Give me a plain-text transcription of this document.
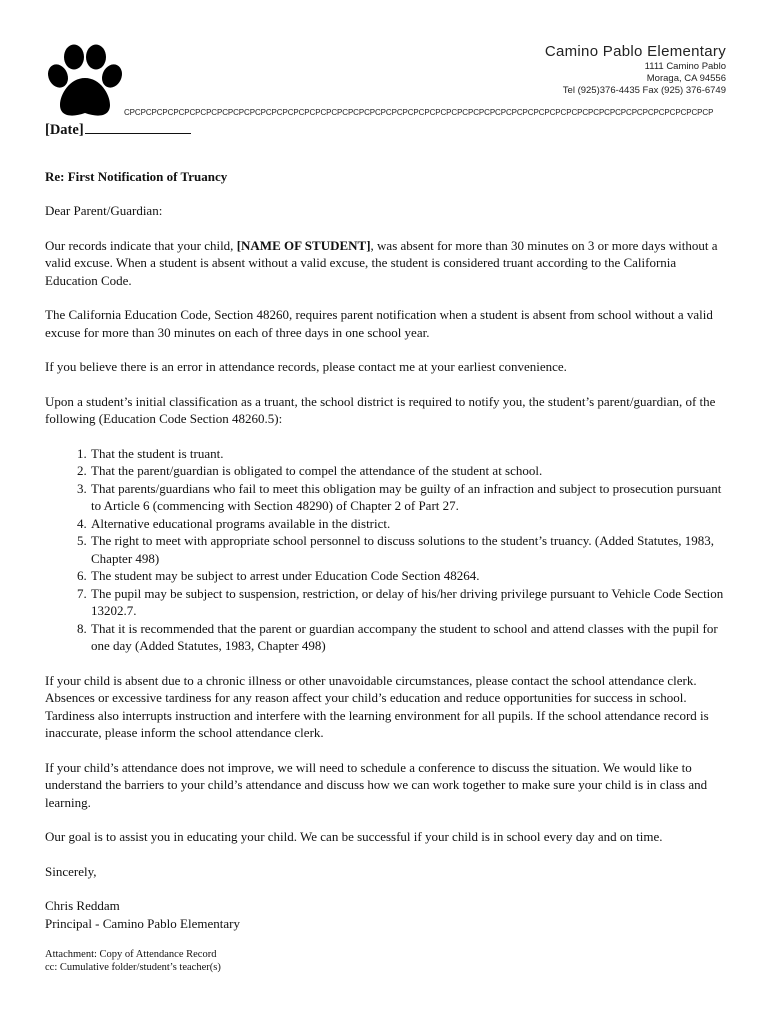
Camino Pablo Elementary
1111 Camino Pablo
Moraga, CA 94556
Tel (925)376-4435 Fax (925) 376-6749
CPCPCPCPCPCPCPCPCPCPCPCPCPCPCPCPCPCPCPCPCPCPCPCPCPCPCPCPCPCPCPCPCPCPCPCPCPCPCPCPCPCPCPCPCPCPCPCPCPCPCPCPCPCP

[Date]

Re: First Notification of Truancy

Dear Parent/Guardian:

Our records indicate that your child, [NAME OF STUDENT], was absent for more than 30 minutes on 3 or more days without a valid excuse. When a student is absent without a valid excuse, the student is considered truant according to the California Education Code.

The California Education Code, Section 48260, requires parent notification when a student is absent from school without a valid excuse for more than 30 minutes on each of three days in one school year.

If you believe there is an error in attendance records, please contact me at your earliest convenience.

Upon a student’s initial classification as a truant, the school district is required to notify you, the student’s parent/guardian, of the following (Education Code Section 48260.5):

1. That the student is truant.
2. That the parent/guardian is obligated to compel the attendance of the student at school.
3. That parents/guardians who fail to meet this obligation may be guilty of an infraction and subject to prosecution pursuant to Article 6 (commencing with Section 48290) of Chapter 2 of Part 27.
4. Alternative educational programs available in the district.
5. The right to meet with appropriate school personnel to discuss solutions to the student’s truancy. (Added Statutes, 1983, Chapter 498)
6. The student may be subject to arrest under Education Code Section 48264.
7. The pupil may be subject to suspension, restriction, or delay of his/her driving privilege pursuant to Vehicle Code Section 13202.7.
8. That it is recommended that the parent or guardian accompany the student to school and attend classes with the pupil for one day (Added Statutes, 1983, Chapter 498)

If your child is absent due to a chronic illness or other unavoidable circumstances, please contact the school attendance clerk. Absences or excessive tardiness for any reason affect your child’s education and reduce opportunities for success in school. Tardiness also interrupts instruction and interfere with the learning environment for all pupils. If the school attendance record is inaccurate, please inform the school attendance clerk.

If your child’s attendance does not improve, we will need to schedule a conference to discuss the situation. We would like to understand the barriers to your child’s attendance and discuss how we can work together to make sure your child is in class and learning.

Our goal is to assist you in educating your child. We can be successful if your child is in school every day and on time.

Sincerely,

Chris Reddam
Principal - Camino Pablo Elementary
Attachment: Copy of Attendance Record
cc: Cumulative folder/student’s teacher(s)
